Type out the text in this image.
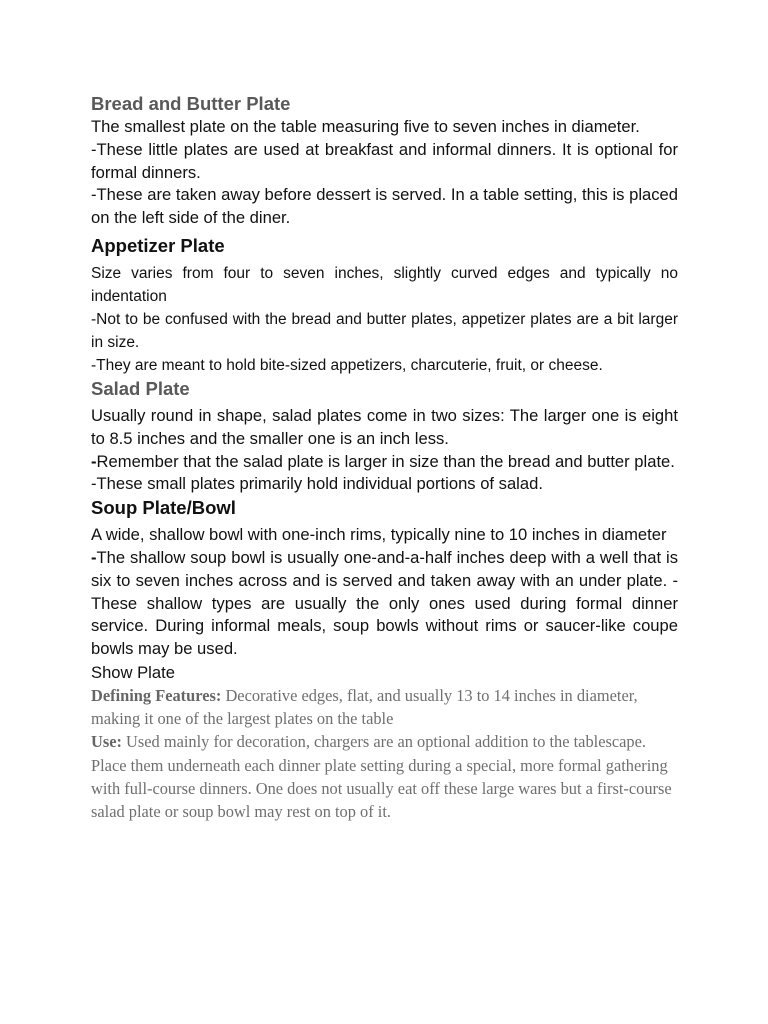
Bread and Butter Plate

The smallest plate on the table measuring five to seven inches in diameter.

-These little plates are used at breakfast and informal dinners. It is optional for formal dinners.

-These are taken away before dessert is served. In a table setting, this is placed on the left side of the diner.

Appetizer Plate

Size varies from four to seven inches, slightly curved edges and typically no indentation

-Not to be confused with the bread and butter plates, appetizer plates are a bit larger in size.

-They are meant to hold bite-sized appetizers, charcuterie, fruit, or cheese.

Salad Plate

Usually round in shape, salad plates come in two sizes: The larger one is eight to 8.5 inches and the smaller one is an inch less.

-Remember that the salad plate is larger in size than the bread and butter plate.

-These small plates primarily hold individual portions of salad.

Soup Plate/Bowl

A wide, shallow bowl with one-inch rims, typically nine to 10 inches in diameter

-The shallow soup bowl is usually one-and-a-half inches deep with a well that is six to seven inches across and is served and taken away with an under plate. -These shallow types are usually the only ones used during formal dinner service. During informal meals, soup bowls without rims or saucer-like coupe bowls may be used.

Show Plate

Defining Features: Decorative edges, flat, and usually 13 to 14 inches in diameter, making it one of the largest plates on the table

Use: Used mainly for decoration, chargers are an optional addition to the tablescape. Place them underneath each dinner plate setting during a special, more formal gathering with full-course dinners. One does not usually eat off these large wares but a first-course salad plate or soup bowl may rest on top of it.
